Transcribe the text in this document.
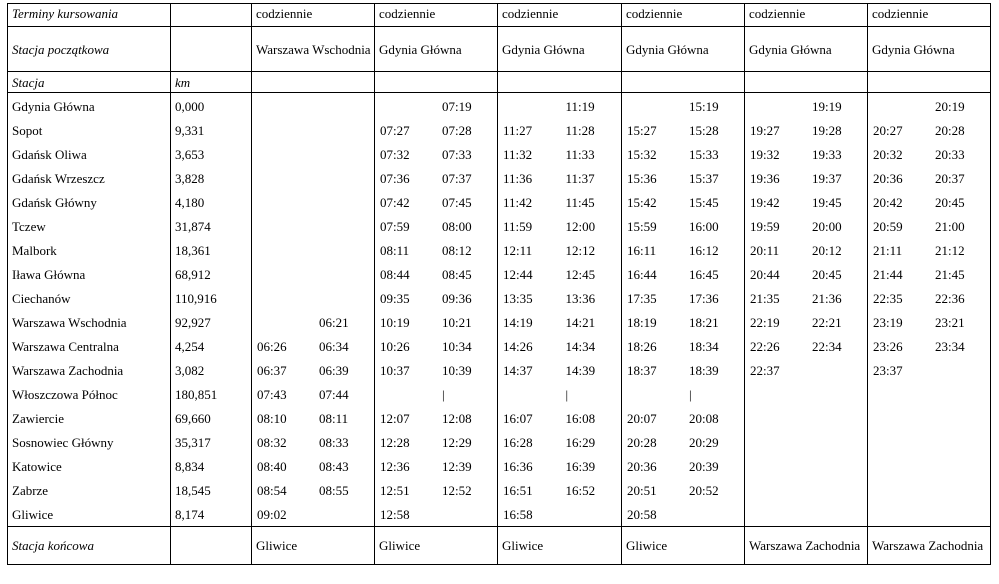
Terminy kursowania		codziennie	codziennie	codziennie	codziennie	codziennie	codziennie
Stacja początkowa		Warszawa Wschodnia	Gdynia Główna	Gdynia Główna	Gdynia Główna	Gdynia Główna	Gdynia Główna
Stacja	km						
Gdynia Główna	0,000		07:19	11:19	15:19	19:19	20:19

Sopot	9,331		07:27 07:28	11:27 11:28	15:27 15:28	19:27 19:28	20:27 20:28

Gdańsk Oliwa	3,653		07:32 07:33	11:32 11:33	15:32 15:33	19:32 19:33	20:32 20:33

Gdańsk Wrzeszcz	3,828		07:36 07:37	11:36 11:37	15:36 15:37	19:36 19:37	20:36 20:37

Gdańsk Główny	4,180		07:42 07:45	11:42 11:45	15:42 15:45	19:42 19:45	20:42 20:45

Tczew	31,874		07:59 08:00	11:59 12:00	15:59 16:00	19:59 20:00	20:59 21:00

Malbork	18,361		08:11 08:12	12:11 12:12	16:11 16:12	20:11 20:12	21:11 21:12

Iława Główna	68,912		08:44 08:45	12:44 12:45	16:44 16:45	20:44 20:45	21:44 21:45

Ciechanów	110,916		09:35 09:36	13:35 13:36	17:35 17:36	21:35 21:36	22:35 22:36

Warszawa Wschodnia	92,927	06:21	10:19 10:21	14:19 14:21	18:19 18:21	22:19 22:21	23:19 23:21

Warszawa Centralna	4,254	06:26 06:34	10:26 10:34	14:26 14:34	18:26 18:34	22:26 22:34	23:26 23:34

Warszawa Zachodnia	3,082	06:37 06:39	10:37 10:39	14:37 14:39	18:37 18:39	22:37	23:37

Włoszczowa Północ	180,851	07:43 07:44	|	|	|		

Zawiercie	69,660	08:10 08:11	12:07 12:08	16:07 16:08	20:07 20:08		

Sosnowiec Główny	35,317	08:32 08:33	12:28 12:29	16:28 16:29	20:28 20:29		

Katowice	8,834	08:40 08:43	12:36 12:39	16:36 16:39	20:36 20:39		

Zabrze	18,545	08:54 08:55	12:51 12:52	16:51 16:52	20:51 20:52		

Gliwice	8,174	09:02	12:58	16:58	20:58		

Stacja końcowa		Gliwice	Gliwice	Gliwice	Gliwice	Warszawa Zachodnia	Warszawa Zachodnia
